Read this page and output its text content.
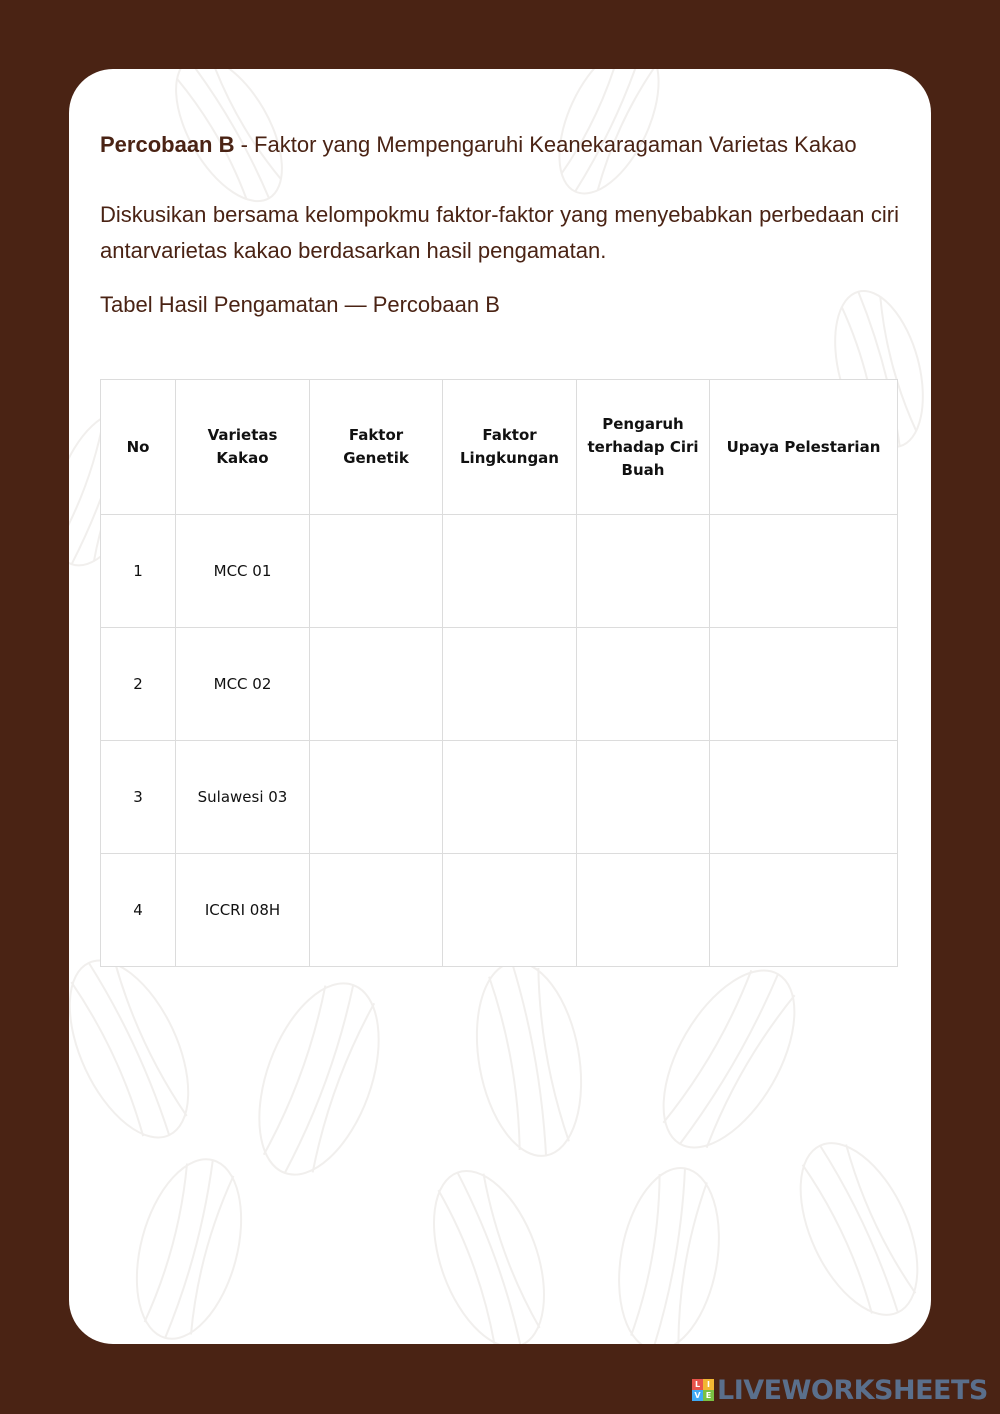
Percobaan B - Faktor yang Mempengaruhi Keanekaragaman Varietas Kakao

Diskusikan bersama kelompokmu faktor-faktor yang menyebabkan perbedaan ciri antarvarietas kakao berdasarkan hasil pengamatan.

Tabel Hasil Pengamatan — Percobaan B

No	Varietas Kakao	Faktor Genetik	Faktor Lingkungan	Pengaruh terhadap Ciri Buah	Upaya Pelestarian
1	MCC 01				
2	MCC 02				
3	Sulawesi 03				
4	ICCRI 08H				
L I
V E LIVEWORKSHEETS
